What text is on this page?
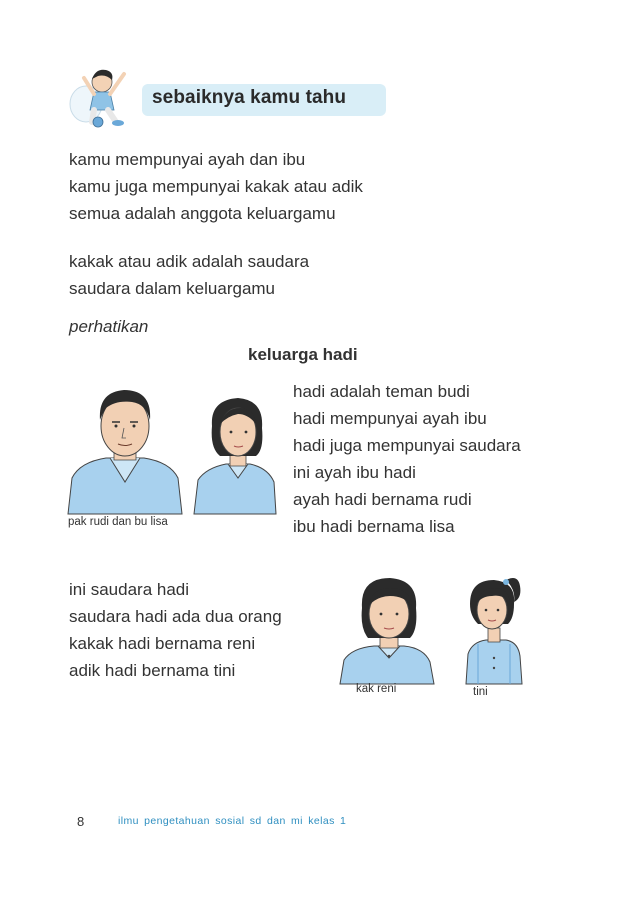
sebaiknya kamu tahu
kamu mempunyai ayah dan ibu
kamu juga mempunyai kakak atau adik
semua adalah anggota keluargamu
kakak atau adik adalah saudara
saudara dalam keluargamu
perhatikan
keluarga hadi
pak rudi dan bu lisa
hadi adalah teman budi
hadi mempunyai ayah ibu
hadi juga mempunyai saudara
ini ayah ibu hadi
ayah hadi bernama rudi
ibu hadi bernama lisa
ini saudara hadi
saudara hadi ada dua orang
kakak hadi bernama reni
adik hadi bernama tini
kak reni	tini
8	ilmu pengetahuan sosial sd dan mi kelas 1
